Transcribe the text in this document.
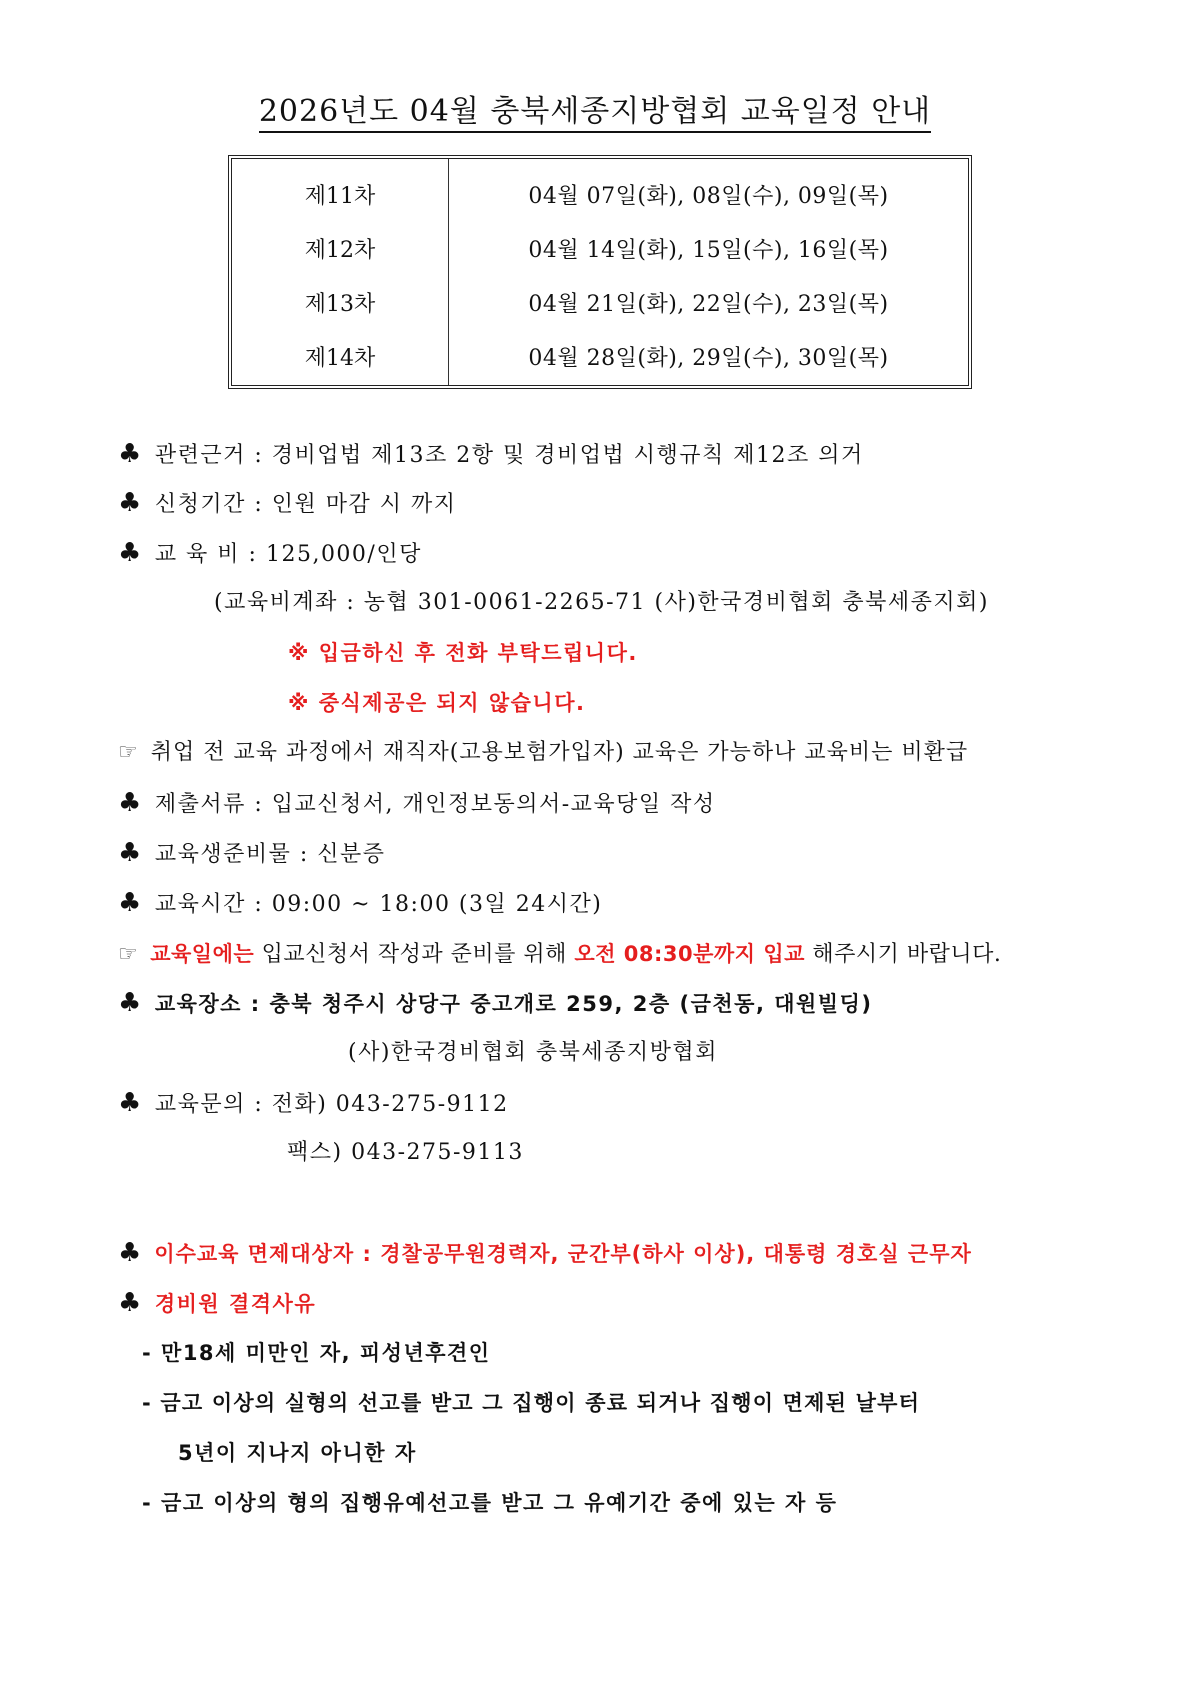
2026년도 04월 충북세종지방협회 교육일정 안내
제11차	04월 07일(화), 08일(수), 09일(목)
제12차	04월 14일(화), 15일(수), 16일(목)
제13차	04월 21일(화), 22일(수), 23일(목)
제14차	04월 28일(화), 29일(수), 30일(목)
♣ 관련근거 : 경비업법 제13조 2항 및 경비업법 시행규칙 제12조 의거
♣ 신청기간 : 인원 마감 시 까지
♣ 교 육 비 : 125,000/인당
(교육비계좌 : 농협 301-0061-2265-71 (사)한국경비협회 충북세종지회)
※ 입금하신 후 전화 부탁드립니다.
※ 중식제공은 되지 않습니다.
☞ 취업 전 교육 과정에서 재직자(고용보험가입자) 교육은 가능하나 교육비는 비환급
♣ 제출서류 : 입교신청서, 개인정보동의서-교육당일 작성
♣ 교육생준비물 : 신분증
♣ 교육시간 : 09:00 ~ 18:00 (3일 24시간)
☞ 교육일에는 입교신청서 작성과 준비를 위해 오전 08:30분까지 입교 해주시기 바랍니다.
♣ 교육장소 : 충북 청주시 상당구 중고개로 259, 2층 (금천동, 대원빌딩)
(사)한국경비협회 충북세종지방협회
♣ 교육문의 : 전화) 043-275-9112
팩스) 043-275-9113
♣ 이수교육 면제대상자 : 경찰공무원경력자, 군간부(하사 이상), 대통령 경호실 근무자
♣ 경비원 결격사유
- 만18세 미만인 자, 피성년후견인
- 금고 이상의 실형의 선고를 받고 그 집행이 종료 되거나 집행이 면제된 날부터
5년이 지나지 아니한 자
- 금고 이상의 형의 집행유예선고를 받고 그 유예기간 중에 있는 자 등
